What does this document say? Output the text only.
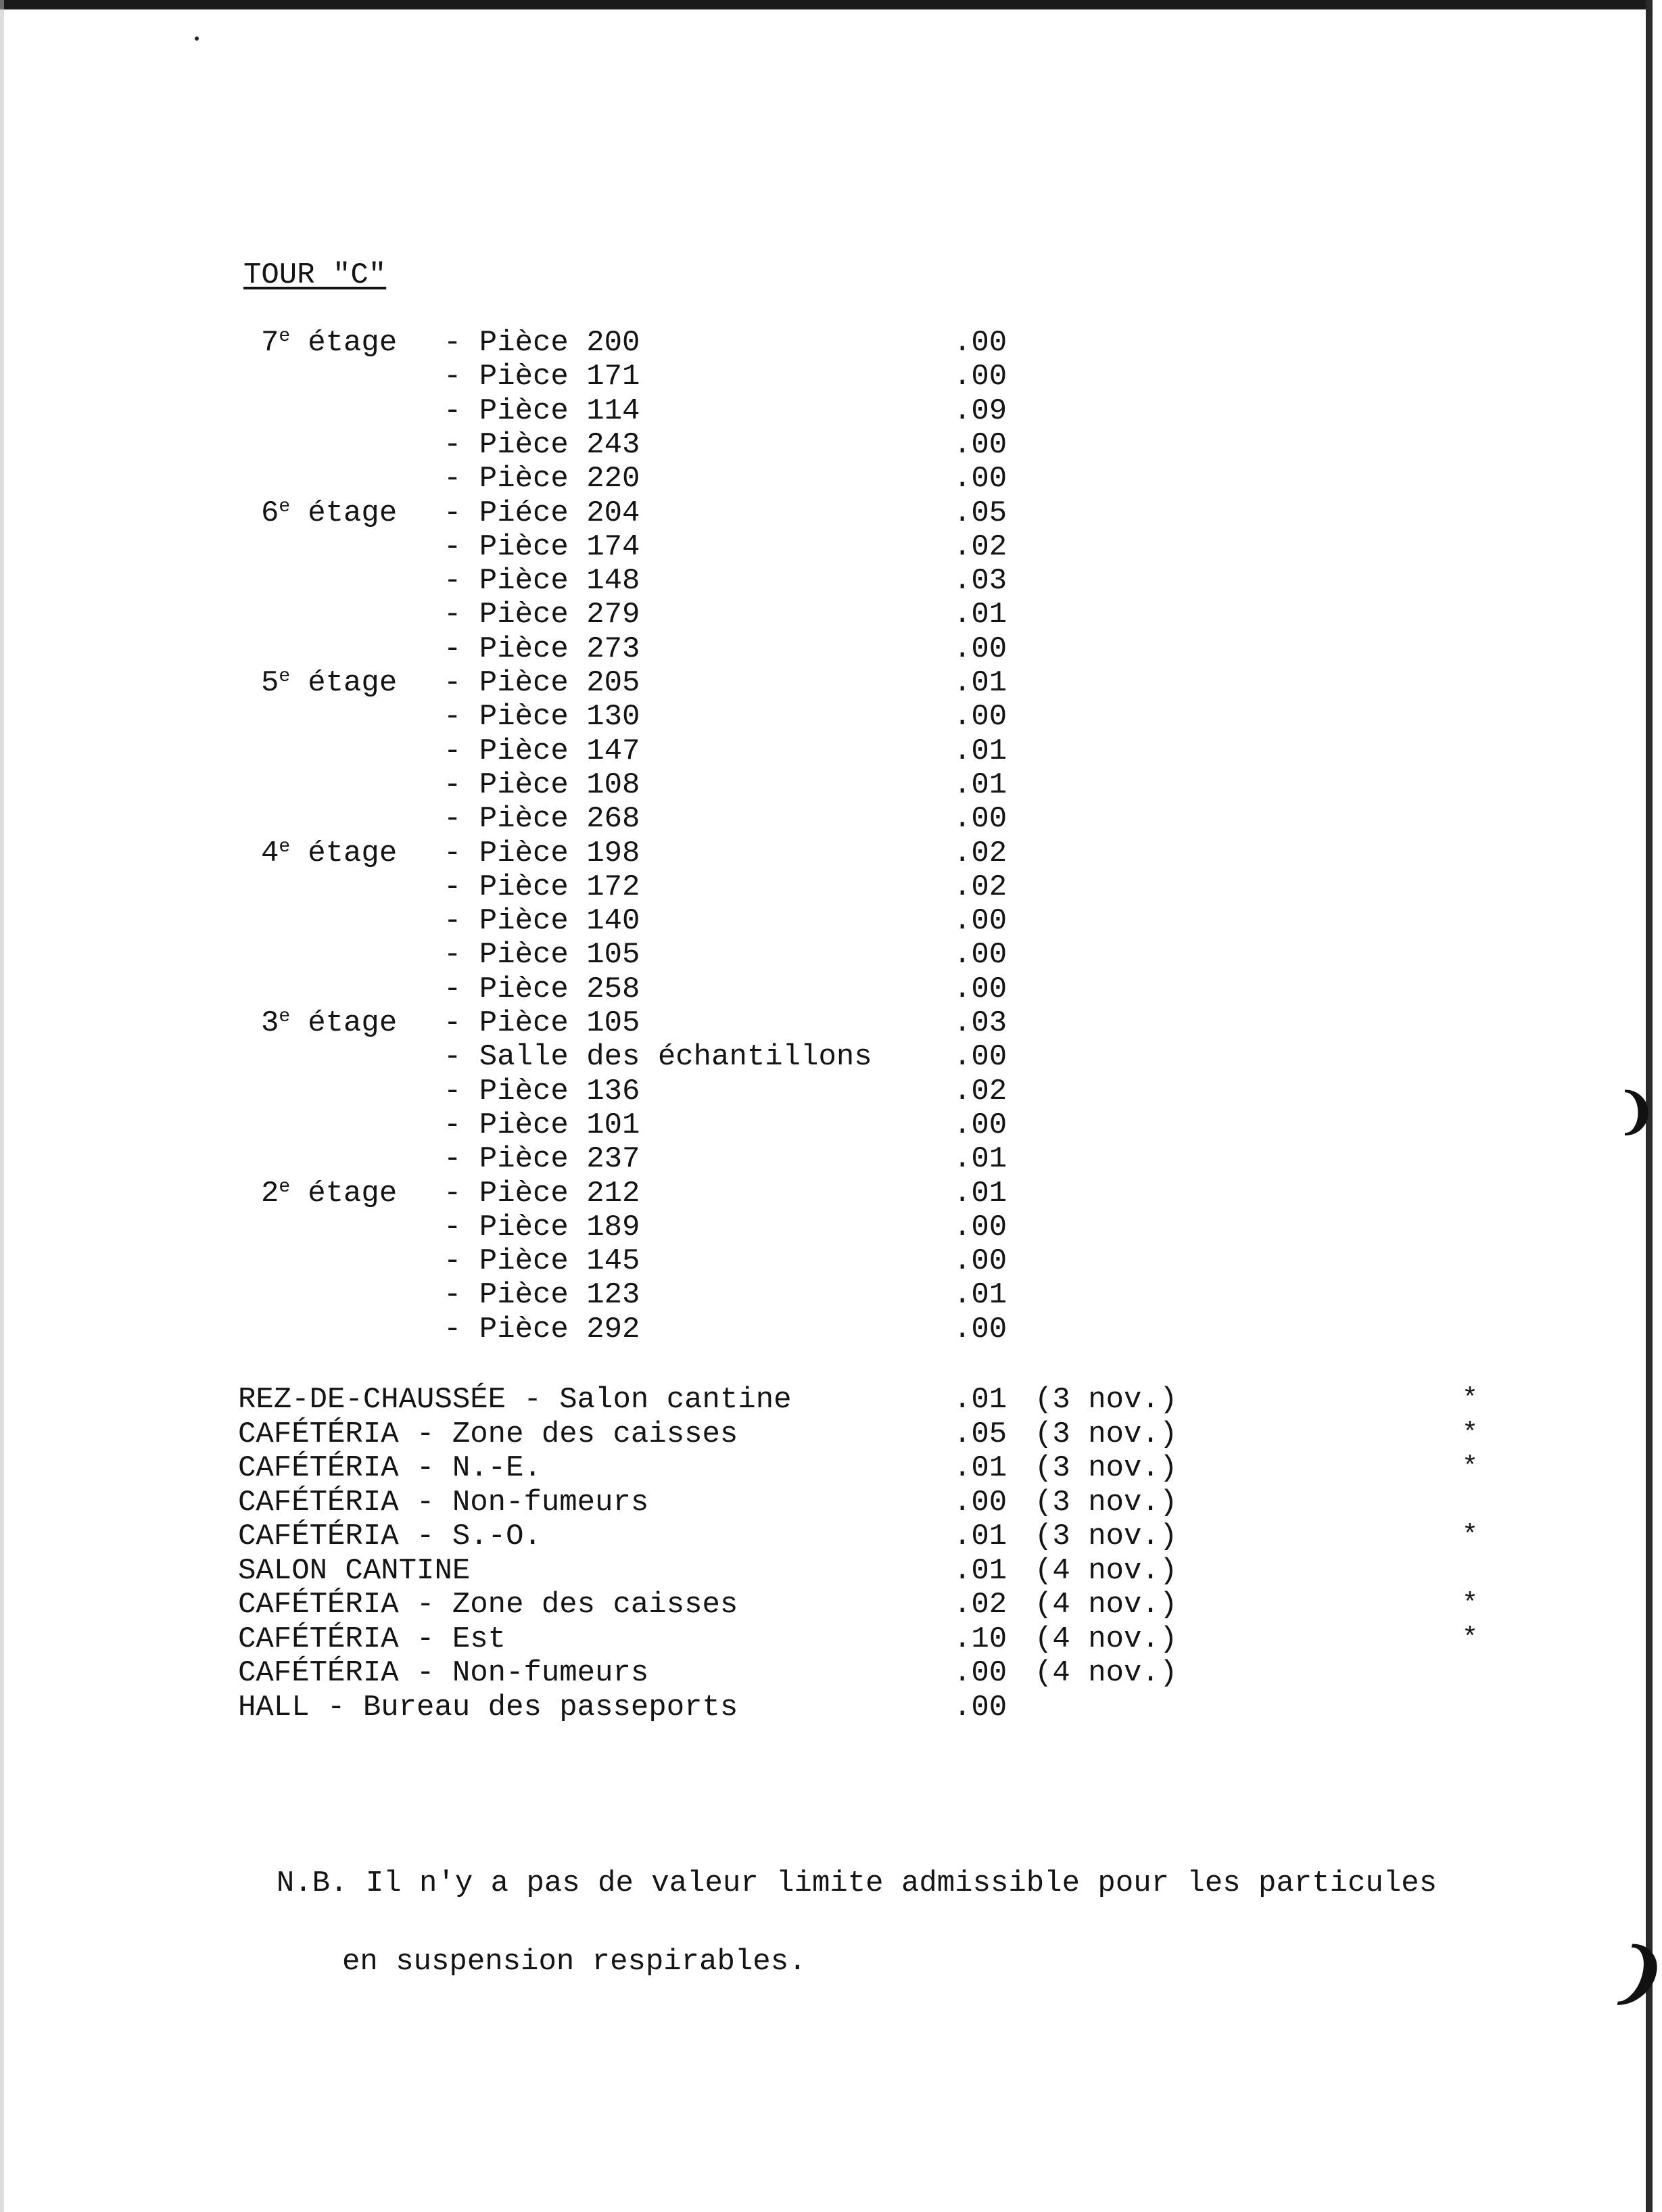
❩
❩
TOUR "C"
7e étage - Pièce 200	.00
- Pièce 171	.00
- Pièce 114	.09
- Pièce 243	.00
- Pièce 220	.00
6e étage - Piéce 204	.05
- Pièce 174	.02
- Pièce 148	.03
- Pièce 279	.01
- Pièce 273	.00
5e étage - Pièce 205	.01
- Pièce 130	.00
- Pièce 147	.01
- Pièce 108	.01
- Pièce 268	.00
4e étage - Pièce 198	.02
- Pièce 172	.02
- Pièce 140	.00
- Pièce 105	.00
- Pièce 258	.00
3e étage - Pièce 105	.03
- Salle des échantillons	.00
- Pièce 136	.02
- Pièce 101	.00
- Pièce 237	.01
2e étage - Pièce 212	.01
- Pièce 189	.00
- Pièce 145	.00
- Pièce 123	.01
- Pièce 292	.00
REZ-DE-CHAUSSÉE - Salon cantine	.01 (3 nov.)	*
CAFÉTÉRIA - Zone des caisses	.05 (3 nov.)	*
CAFÉTÉRIA - N.-E.	.01 (3 nov.)	*
CAFÉTÉRIA - Non-fumeurs	.00 (3 nov.)
CAFÉTÉRIA - S.-O.	.01 (3 nov.)	*
SALON CANTINE	.01 (4 nov.)
CAFÉTÉRIA - Zone des caisses	.02 (4 nov.)	*
CAFÉTÉRIA - Est	.10 (4 nov.)	*
CAFÉTÉRIA - Non-fumeurs	.00 (4 nov.)
HALL - Bureau des passeports	.00

N.B. Il n'y a pas de valeur limite admissible pour les particules

en suspension respirables.
